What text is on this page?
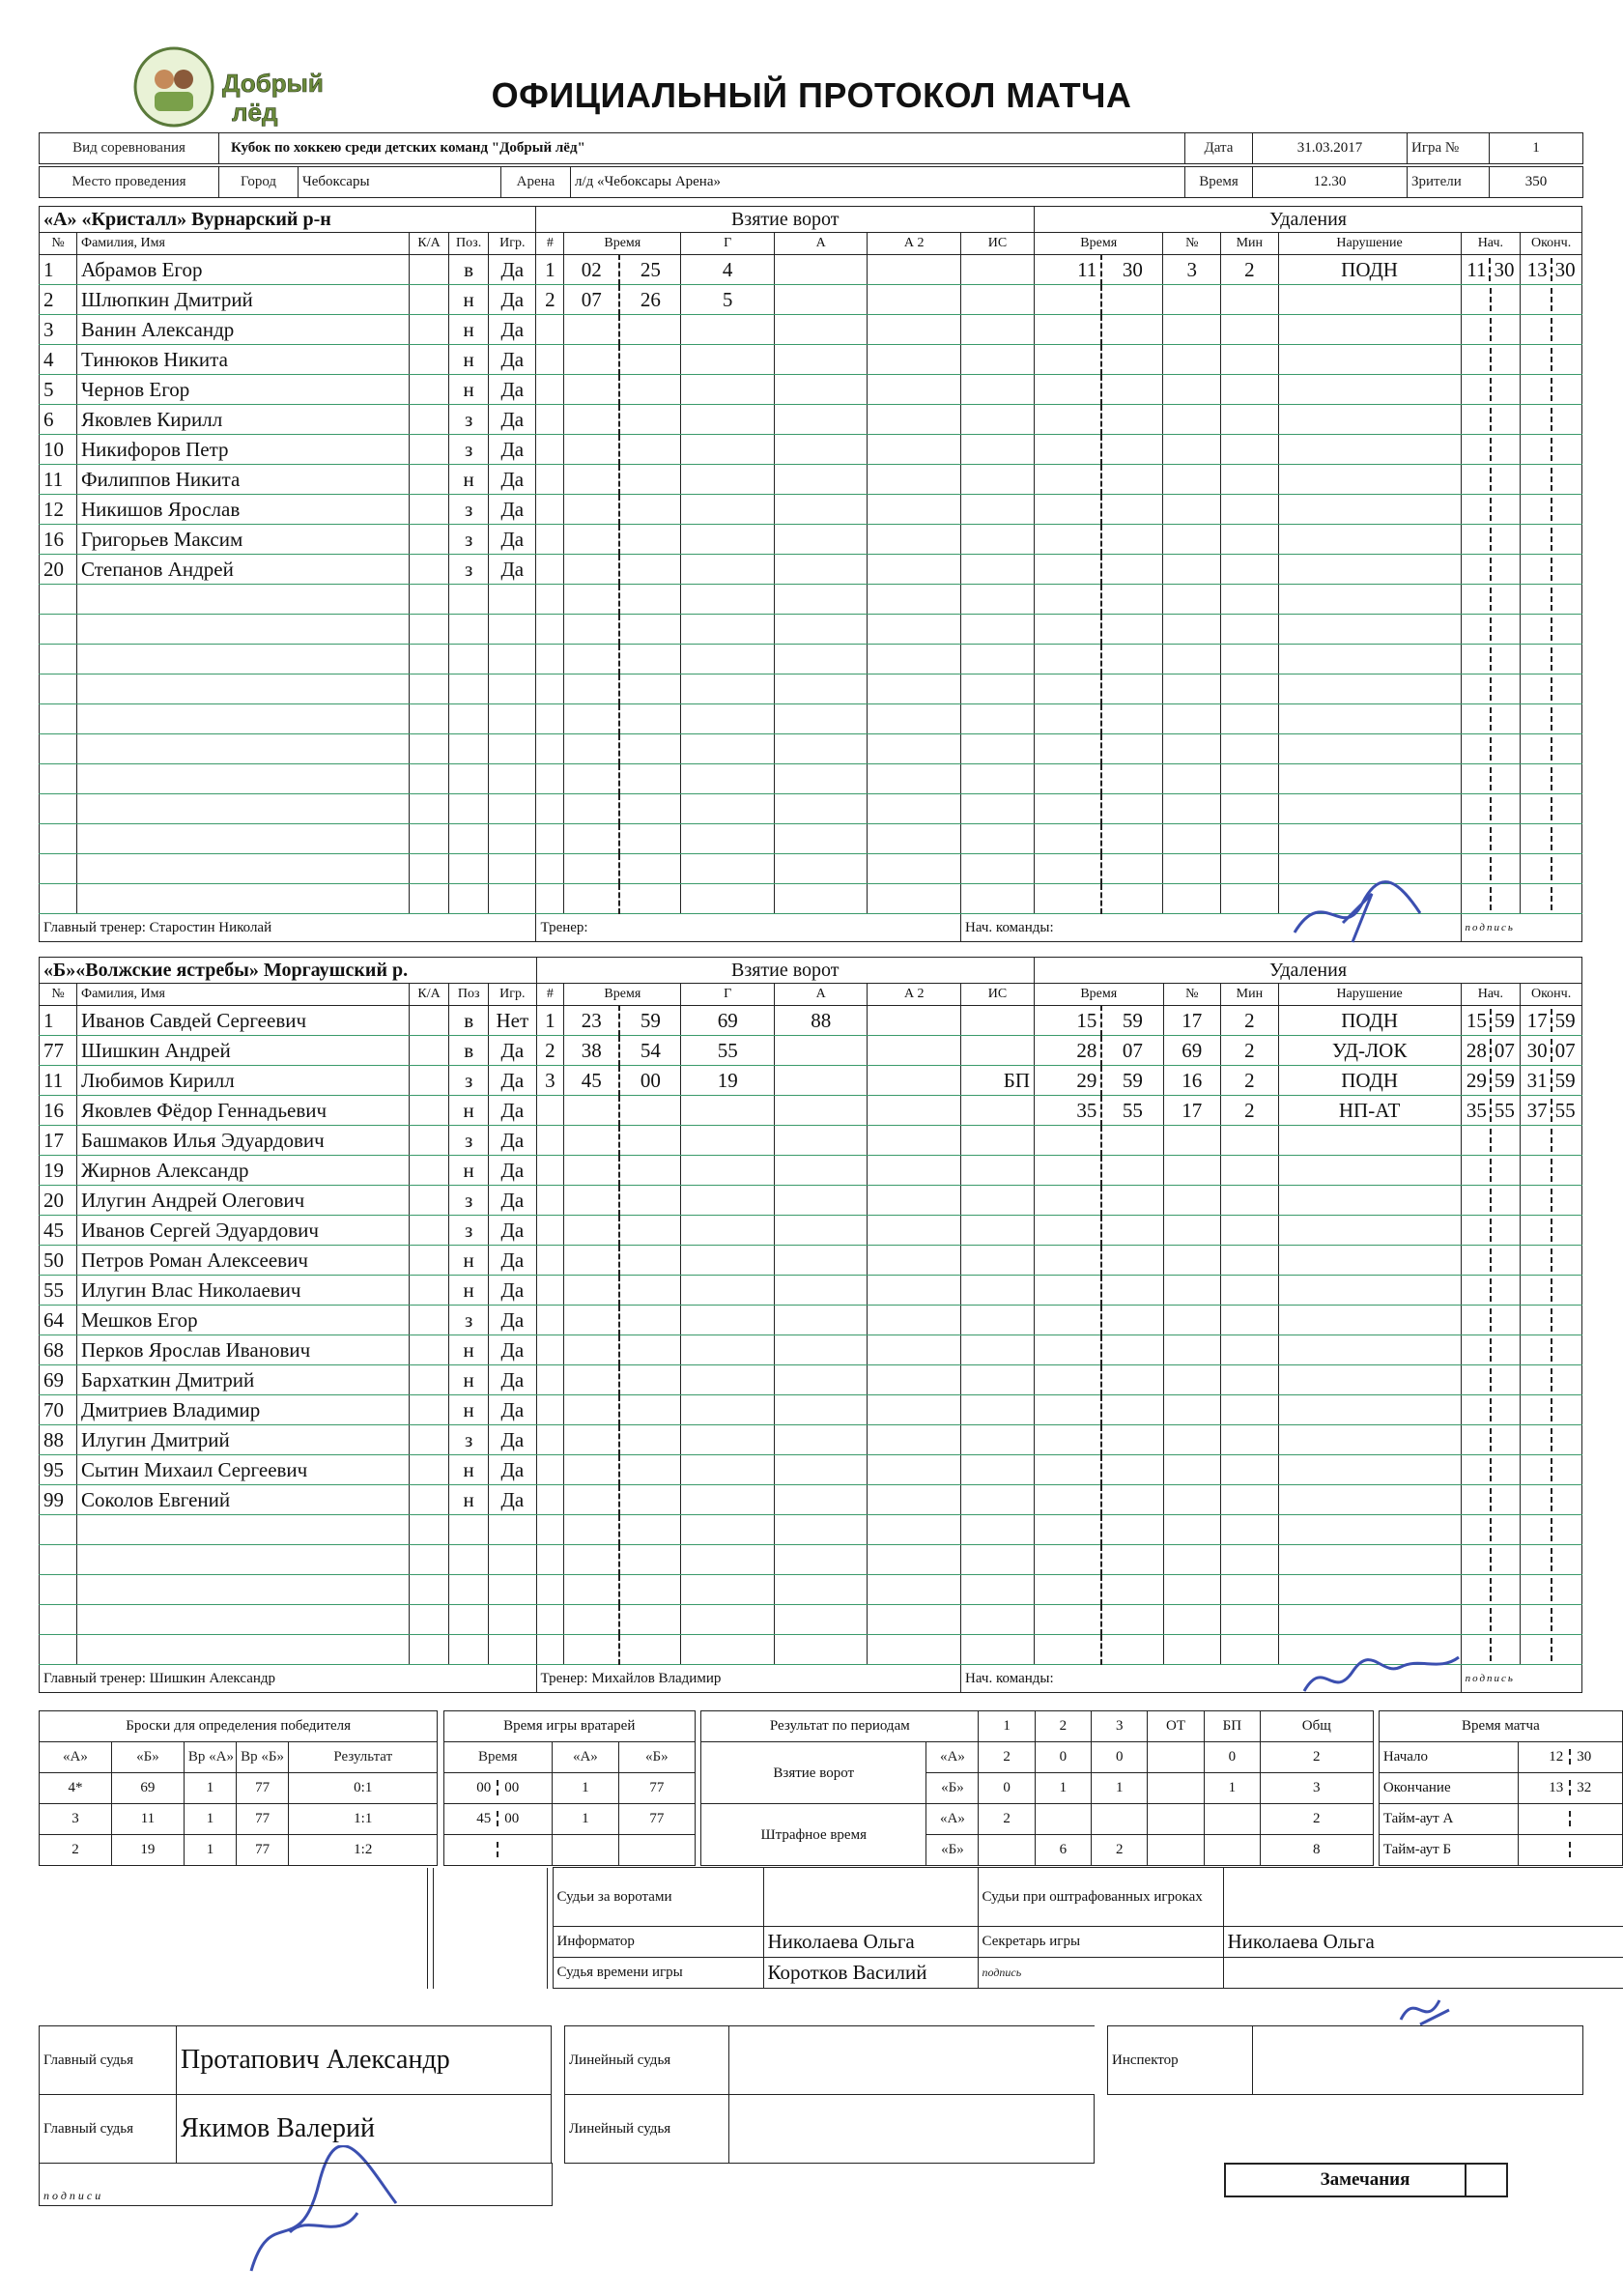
Добрый
лёд	ОФИЦИАЛЬНЫЙ ПРОТОКОЛ МАТЧА
Вид соревнования	Кубок по хоккею среди детских команд "Добрый лёд"	Дата	31.03.2017	Игра №	1
Место проведения	Город	Чебоксары	Арена	л/д «Чебоксары Арена»	Время	12.30	Зрители	350
«А» «Кристалл» Вурнарский р-н					Взятие ворот							Удаления						
№	Фамилия, Имя	К/А	Поз.	Игр.	#	Время		Г	А	А 2	ИС	Время		№	Мин	Нарушение	Нач.	Оконч.
1	Абрамов Егор		в	Да	1	02	25	4				11	30	3	2	ПОДН	11 30	13 30
2	Шлюпкин Дмитрий		н	Да	2	07	26	5										
3	Ванин Александр		н	Да														
4	Тинюков Никита		н	Да														
5	Чернов Егор		н	Да														
6	Яковлев Кирилл		з	Да														
10	Никифоров Петр		з	Да														
11	Филиппов Никита		н	Да														
12	Никишов Ярослав		з	Да														
16	Григорьев Максим		з	Да														
20	Степанов Андрей		з	Да														

Главный тренер: Старостин Николай					Тренер:						Нач. команды:						подпись	
«Б»«Волжские ястребы» Моргаушский р.					Взятие ворот							Удаления						
№	Фамилия, Имя	К/А	Поз	Игр.	#	Время		Г	А	А 2	ИС	Время		№	Мин	Нарушение	Нач.	Оконч.
1	Иванов Савдей Сергеевич		в	Нет	1	23	59	69	88			15	59	17	2	ПОДН	15 59	17 59
77	Шишкин Андрей		в	Да	2	38	54	55				28	07	69	2	УД-ЛОК	28 07	30 07
11	Любимов Кирилл		з	Да	3	45	00	19			БП	29	59	16	2	ПОДН	29 59	31 59
16	Яковлев Фёдор Геннадьевич		н	Да								35	55	17	2	НП-АТ	35 55	37 55
17	Башмаков Илья Эдуардович		з	Да														
19	Жирнов Александр		н	Да														
20	Илугин Андрей Олегович		з	Да														
45	Иванов Сергей Эдуардович		з	Да														
50	Петров Роман Алексеевич		н	Да														
55	Илугин Влас Николаевич		н	Да														
64	Мешков Егор		з	Да														
68	Перков Ярослав Иванович		н	Да														
69	Бархаткин Дмитрий		н	Да														
70	Дмитриев Владимир		н	Да														
88	Илугин Дмитрий		з	Да														
95	Сытин Михаил Сергеевич		н	Да														
99	Соколов Евгений		н	Да														

Главный тренер: Шишкин Александр					Тренер: Михайлов Владимир						Нач. команды:						подпись	
Броски для определения победителя						Время игры вратарей				Результат по периодам		1	2	3	ОТ	БП	Общ		Время матча	
«А»	«Б»	Вр «А»	Вр «Б»	Результат		Время	«А»	«Б»		Взятие ворот	«А»	2	0	0		0	2		Начало	12 30
4*	69	1	77	0:1		00 00	1	77			«Б»	0	1	1		1	3		Окончание	13 32
3	11	1	77	1:1		45 00	1	77		Штрафное время	«А»	2					2		Тайм-аут А	
2	19	1	77	1:2							«Б»		6	2			8		Тайм-аут Б	
				Судьи за воротами		Судьи при оштрафованных игроках	
				Информатор	Николаева Ольга	Секретарь игры	Николаева Ольга
				Судья времени игры	Коротков Василий	подпись	
Главный судья	Протапович Александр		Линейный судья			Инспектор	
Главный судья	Якимов Валерий		Линейный судья				
подписи
Замечания
